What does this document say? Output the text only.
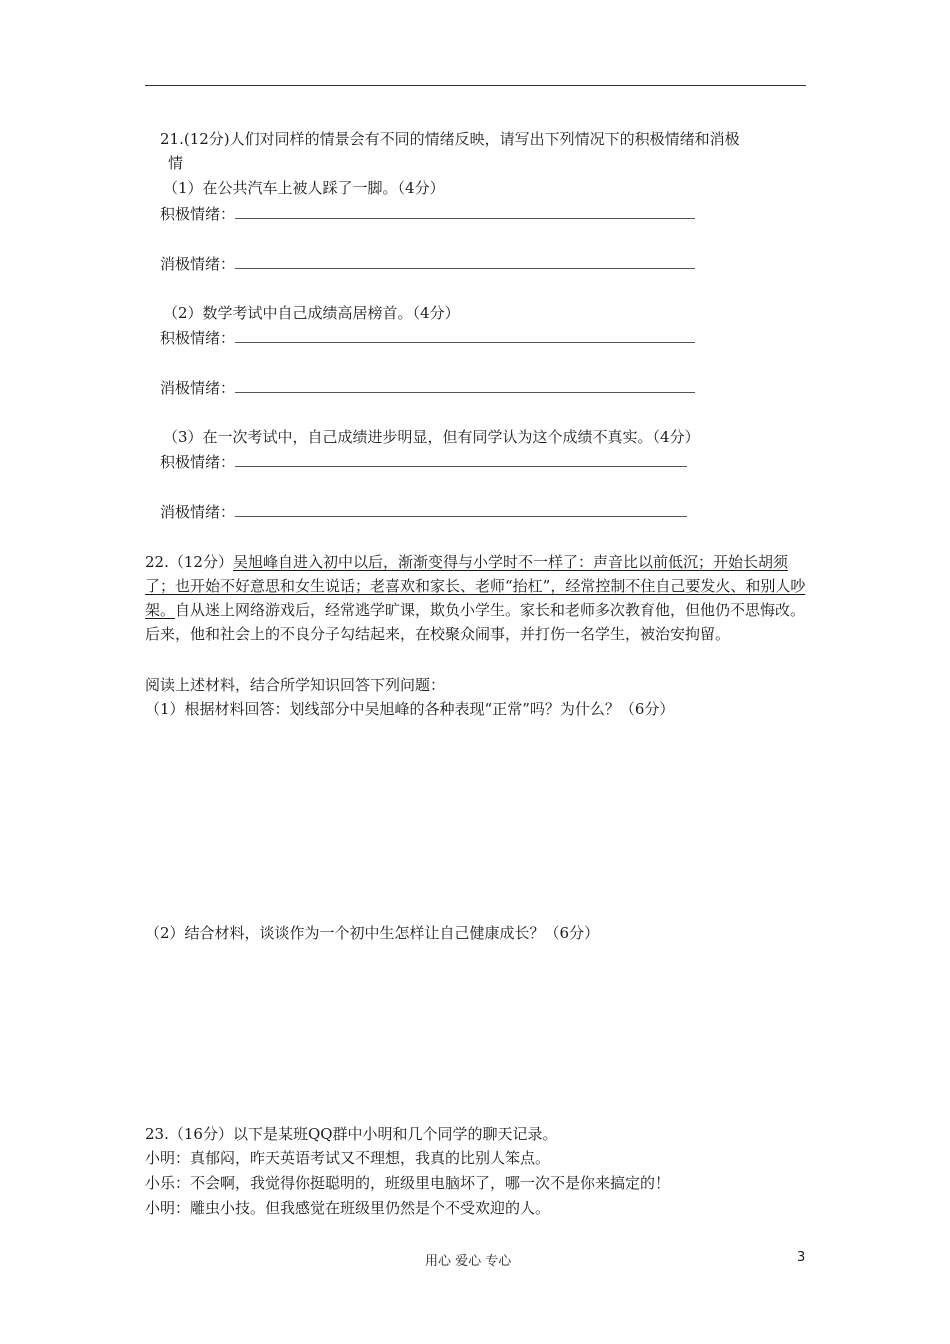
21.(12分)人们对同样的情景会有不同的情绪反映，请写出下列情况下的积极情绪和消极
情
（1）在公共汽车上被人踩了一脚。（4分）
积极情绪：
消极情绪：
（2）数学考试中自己成绩高居榜首。（4分）
积极情绪：
消极情绪：
（3）在一次考试中，自己成绩进步明显，但有同学认为这个成绩不真实。（4分）
积极情绪：
消极情绪：
22.（12分）吴旭峰自进入初中以后，渐渐变得与小学时不一样了：声音比以前低沉；开始长胡须了；也开始不好意思和女生说话；老喜欢和家长、老师“抬杠”，经常控制不住自己要发火、和别人吵架。自从迷上网络游戏后，经常逃学旷课，欺负小学生。家长和老师多次教育他，但他仍不思悔改。后来，他和社会上的不良分子勾结起来，在校聚众闹事，并打伤一名学生，被治安拘留。
阅读上述材料，结合所学知识回答下列问题：
（1）根据材料回答：划线部分中吴旭峰的各种表现“正常”吗？为什么？（6分）
（2）结合材料，谈谈作为一个初中生怎样让自己健康成长？（6分）
23.（16分）以下是某班QQ群中小明和几个同学的聊天记录。
小明：真郁闷，昨天英语考试又不理想，我真的比别人笨点。
小乐：不会啊，我觉得你挺聪明的，班级里电脑坏了，哪一次不是你来搞定的！
小明：雕虫小技。但我感觉在班级里仍然是个不受欢迎的人。
用心 爱心 专心	3
